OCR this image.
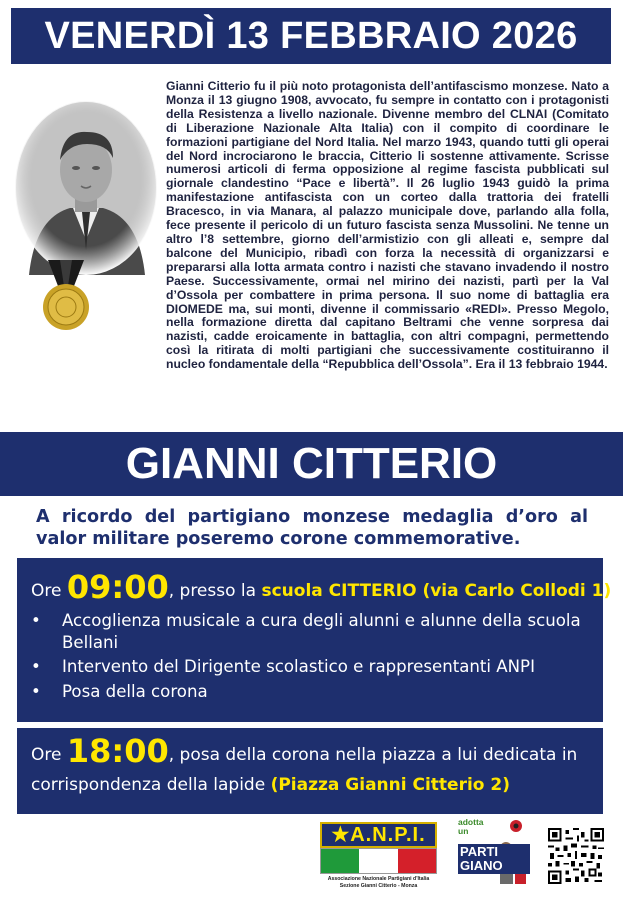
VENERDÌ 13 FEBBRAIO 2026
Gianni Citterio fu il più noto protagonista dell’antifascismo monzese. Nato a Monza il 13 giugno 1908, avvocato, fu sempre in contatto con i protagonisti della Resistenza a livello nazionale. Divenne membro del CLNAI (Comitato di Liberazione Nazionale Alta Italia) con il compito di coordinare le formazioni partigiane del Nord Italia. Nel marzo 1943, quando tutti gli operai del Nord incrociarono le braccia, Citterio li sostenne attivamente. Scrisse numerosi articoli di ferma opposizione al regime fascista pubblicati sul giornale clandestino “Pace e libertà”. Il 26 luglio 1943 guidò la prima manifestazione antifascista con un corteo dalla trattoria dei fratelli Bracesco, in via Manara, al palazzo municipale dove, parlando alla folla, fece presente il pericolo di un futuro fascista senza Mussolini. Ne tenne un altro l’8 settembre, giorno dell’armistizio con gli alleati e, sempre dal balcone del Municipio, ribadì con forza la necessità di organizzarsi e prepararsi alla lotta armata contro i nazisti che stavano invadendo il nostro Paese. Successivamente, ormai nel mirino dei nazisti, partì per la Val d’Ossola per combattere in prima persona. Il suo nome di battaglia era DIOMEDE ma, sui monti, divenne il commissario «REDI». Presso Megolo, nella formazione diretta dal capitano Beltrami che venne sorpresa dai nazisti, cadde eroicamente in battaglia, con altri compagni, permettendo così la ritirata di molti partigiani che successivamente costituiranno il nucleo fondamentale della “Repubblica dell’Ossola”. Era il 13 febbraio 1944.
GIANNI CITTERIO
A ricordo del partigiano monzese medaglia d’oro al valor militare poseremo corone commemorative.
Ore 09:00, presso la scuola CITTERIO (via Carlo Collodi 1)
• Accoglienza musicale a cura degli alunni e alunne della scuola Bellani
• Intervento del Dirigente scolastico e rappresentanti ANPI
• Posa della corona
Ore 18:00, posa della corona nella piazza a lui dedicata in corrispondenza della lapide (Piazza Gianni Citterio 2)
★A.N.P.I.
Associazione Nazionale Partigiani d'Italia
Sezione Gianni Citterio - Monza
adotta
un
PARTI GIANO
